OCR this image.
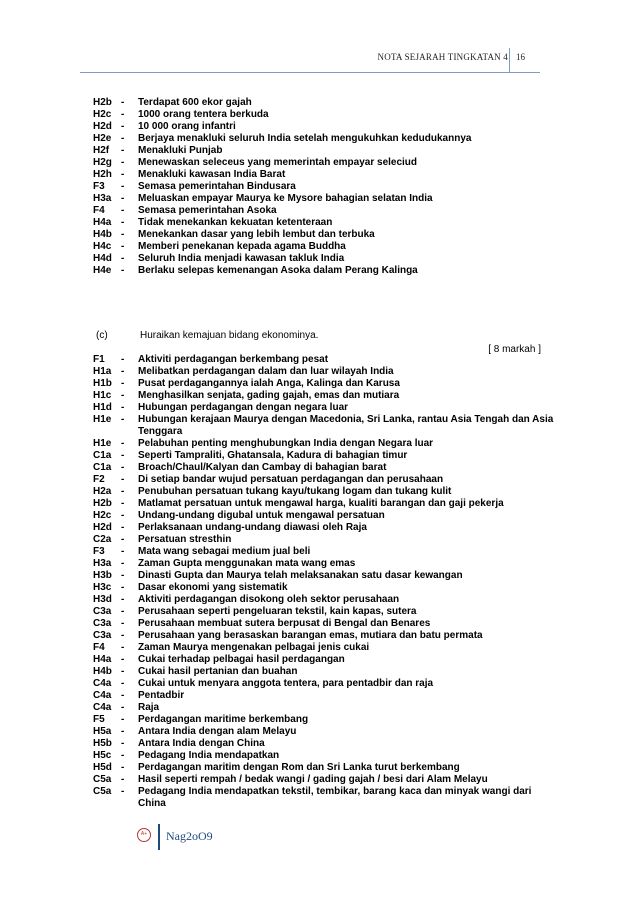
NOTA SEJARAH TINGKATAN 4 16
H2b -	Terdapat 600 ekor gajah
H2c -	1000 orang tentera berkuda
H2d -	10 000 orang infantri
H2e -	Berjaya menakluki seluruh India setelah mengukuhkan kedudukannya
H2f	-	Menakluki Punjab
H2g -	Menewaskan seleceus yang memerintah empayar seleciud
H2h -	Menakluki kawasan India Barat
F3	-	Semasa pemerintahan Bindusara
H3a -	Meluaskan empayar Maurya ke Mysore bahagian selatan India
F4	-	Semasa pemerintahan Asoka
H4a -	Tidak menekankan kekuatan ketenteraan
H4b -	Menekankan dasar yang lebih lembut dan terbuka
H4c -	Memberi penekanan kepada agama Buddha
H4d -	Seluruh India menjadi kawasan takluk India
H4e -	Berlaku selepas kemenangan Asoka dalam Perang Kalinga
(c)	Huraikan kemajuan bidang ekonominya.
[ 8 markah ]
F1	-	Aktiviti perdagangan berkembang pesat
H1a -	Melibatkan perdagangan dalam dan luar wilayah India
H1b -	Pusat perdagangannya ialah Anga, Kalinga dan Karusa
H1c -	Menghasilkan senjata, gading gajah, emas dan mutiara
H1d -	Hubungan perdagangan dengan negara luar
H1e -	Hubungan kerajaan Maurya dengan Macedonia, Sri Lanka, rantau Asia Tengah dan Asia Tenggara
H1e -	Pelabuhan penting menghubungkan India dengan Negara luar
C1a -	Seperti Tampraliti, Ghatansala, Kadura di bahagian timur
C1a -	Broach/Chaul/Kalyan dan Cambay di bahagian barat
F2	-	Di setiap bandar wujud persatuan perdagangan dan perusahaan
H2a -	Penubuhan persatuan tukang kayu/tukang logam dan tukang kulit
H2b -	Matlamat persatuan untuk mengawal harga, kualiti barangan dan gaji pekerja
H2c -	Undang-undang digubal untuk mengawal persatuan
H2d -	Perlaksanaan undang-undang diawasi oleh Raja
C2a -	Persatuan stresthin
F3	-	Mata wang sebagai medium jual beli
H3a -	Zaman Gupta menggunakan mata wang emas
H3b -	Dinasti Gupta dan Maurya telah melaksanakan satu dasar kewangan
H3c -	Dasar ekonomi yang sistematik
H3d -	Aktiviti perdagangan disokong oleh sektor perusahaan
C3a -	Perusahaan seperti pengeluaran tekstil, kain kapas, sutera
C3a -	Perusahaan membuat sutera berpusat di Bengal dan Benares
C3a -	Perusahaan yang berasaskan barangan emas, mutiara dan batu permata
F4	-	Zaman Maurya mengenakan pelbagai jenis cukai
H4a -	Cukai terhadap pelbagai hasil perdagangan
H4b -	Cukai hasil pertanian dan buahan
C4a -	Cukai untuk menyara anggota tentera, para pentadbir dan raja
C4a -	Pentadbir
C4a -	Raja
F5	-	Perdagangan maritime berkembang
H5a -	Antara India dengan alam Melayu
H5b -	Antara India dengan China
H5c -	Pedagang India mendapatkan
H5d -	Perdagangan maritim dengan Rom dan Sri Lanka turut berkembang
C5a -	Hasil seperti rempah / bedak wangi / gading gajah / besi dari Alam Melayu
C5a -	Pedagang India mendapatkan tekstil, tembikar, barang kaca dan minyak wangi dari China
A+	Nag2oO9
